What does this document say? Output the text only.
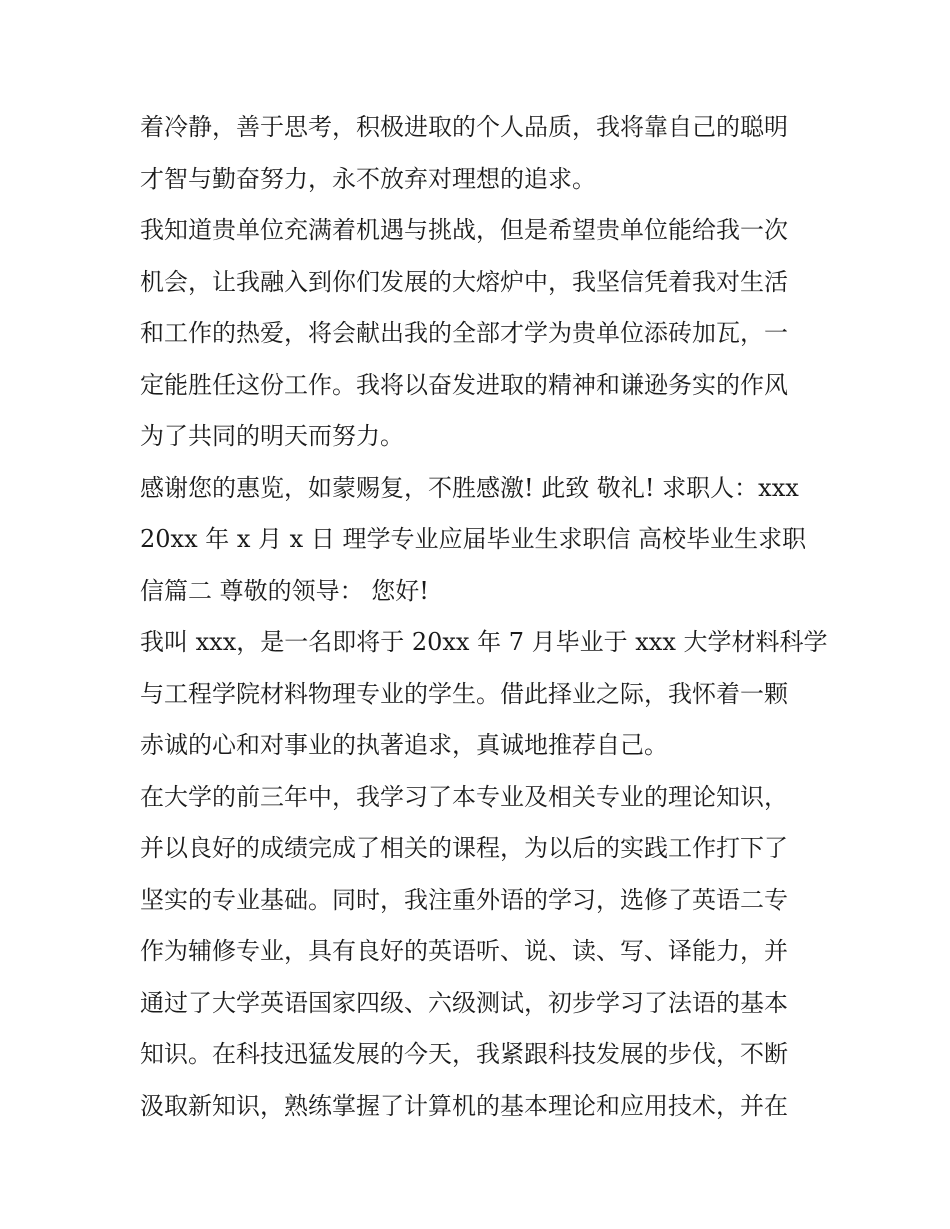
着冷静，善于思考，积极进取的个人品质，我将靠自己的聪明
才智与勤奋努力，永不放弃对理想的追求。
我知道贵单位充满着机遇与挑战，但是希望贵单位能给我一次
机会，让我融入到你们发展的大熔炉中，我坚信凭着我对生活
和工作的热爱，将会献出我的全部才学为贵单位添砖加瓦，一
定能胜任这份工作。我将以奋发进取的精神和谦逊务实的作风
为了共同的明天而努力。
感谢您的惠览，如蒙赐复，不胜感激! 此致 敬礼! 求职人：xxx
20xx 年 x 月 x 日 理学专业应届毕业生求职信 高校毕业生求职
信篇二 尊敬的领导： 您好!
我叫 xxx，是一名即将于 20xx 年 7 月毕业于 xxx 大学材料科学
与工程学院材料物理专业的学生。借此择业之际，我怀着一颗
赤诚的心和对事业的执著追求，真诚地推荐自己。
在大学的前三年中，我学习了本专业及相关专业的理论知识，
并以良好的成绩完成了相关的课程，为以后的实践工作打下了
坚实的专业基础。同时，我注重外语的学习，选修了英语二专
作为辅修专业，具有良好的英语听、说、读、写、译能力，并
通过了大学英语国家四级、六级测试，初步学习了法语的基本
知识。在科技迅猛发展的今天，我紧跟科技发展的步伐，不断
汲取新知识，熟练掌握了计算机的基本理论和应用技术，并在
